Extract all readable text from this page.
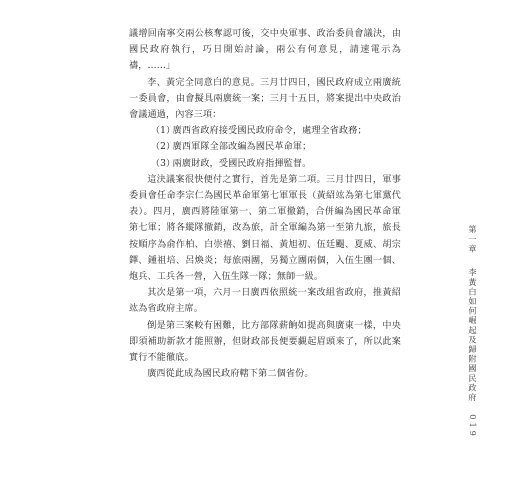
議增回南寧交兩公核奪認可後，交中央軍事、政治委員會議決，由國民政府執行，巧日開始討論，兩公有何意見，請速電示為禱，……」

李、黃完全同意白的意見。三月廿四日，國民政府成立兩廣統一委員會，由會擬具兩廣統一案；三月十五日，將案提出中央政治會議通過，內容三項：

（1）廣西省政府接受國民政府命令，處理全省政務；

（2）廣西軍隊全部改編為國民革命軍；

（3）兩廣財政，受國民政府指揮監督。

這決議案很快便付之實行，首先是第二項。三月廿四日，軍事委員會任命李宗仁為國民革命軍第七軍軍長（黃紹竑為第七軍黨代表）。四月，廣西將陸軍第一、第二軍撤銷，合併編為國民革命軍第七軍；將各縱隊撤銷，改為旅，計全軍編為第一至第九旅，旅長按順序為俞作柏、白崇禧、劉日福、黃旭初、伍廷颺、夏威、胡宗鐸、鍾祖培、呂煥炎；每旅兩團，另獨立團兩個，入伍生團一個、炮兵、工兵各一營，入伍生隊一隊；無師一級。

其次是第一項，六月一日廣西依照統一案改組省政府，推黃紹竑為省政府主席。

倒是第三案較有困難，比方部隊薪餉如提高與廣東一樣，中央即須補助新款才能照辦，但財政部長便要覷起眉頭來了，所以此案實行不能徹底。

廣西從此成為國民政府轄下第二個省份。

第一章 李黃白如何崛起及歸附國民政府 019
